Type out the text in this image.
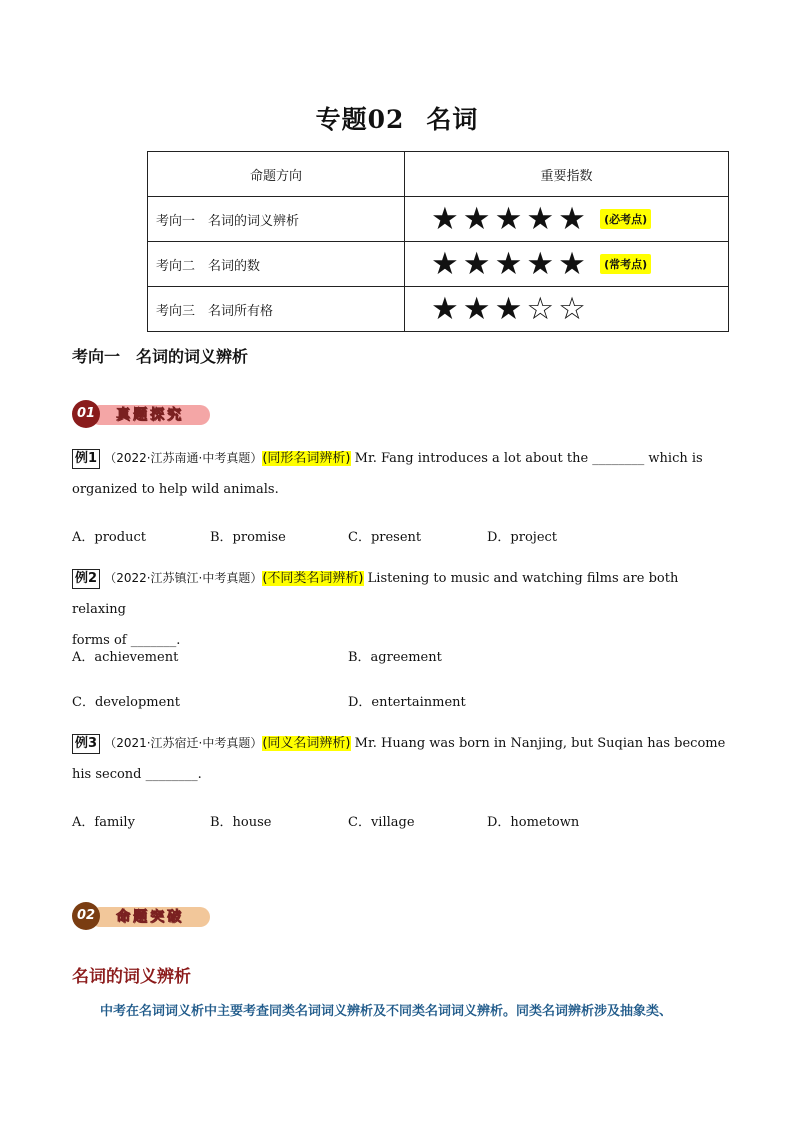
专题02 名词
命题方向	重要指数
考向一　名词的词义辨析	★★★★★ (必考点)
考向二　名词的数	★★★★★ (常考点)
考向三　名词所有格	★★★☆☆
考向一　名词的词义辨析
真题探究
01
例1 （2022·江苏南通·中考真题）(同形名词辨析) Mr. Fang introduces a lot about the ________ which is
organized to help wild animals.
A．product	B．promise	C．present	D．project
例2 （2022·江苏镇江·中考真题）(不同类名词辨析) Listening to music and watching films are both relaxing
forms of _______.
A．achievement	B．agreement
C．development	D．entertainment
例3 （2021·江苏宿迁·中考真题）(同义名词辨析) Mr. Huang was born in Nanjing, but Suqian has become
his second ________.
A．family	B．house	C．village	D．hometown
命题突破
02
名词的词义辨析
中考在名词词义析中主要考查同类名词词义辨析及不同类名词词义辨析。同类名词辨析涉及抽象类、
